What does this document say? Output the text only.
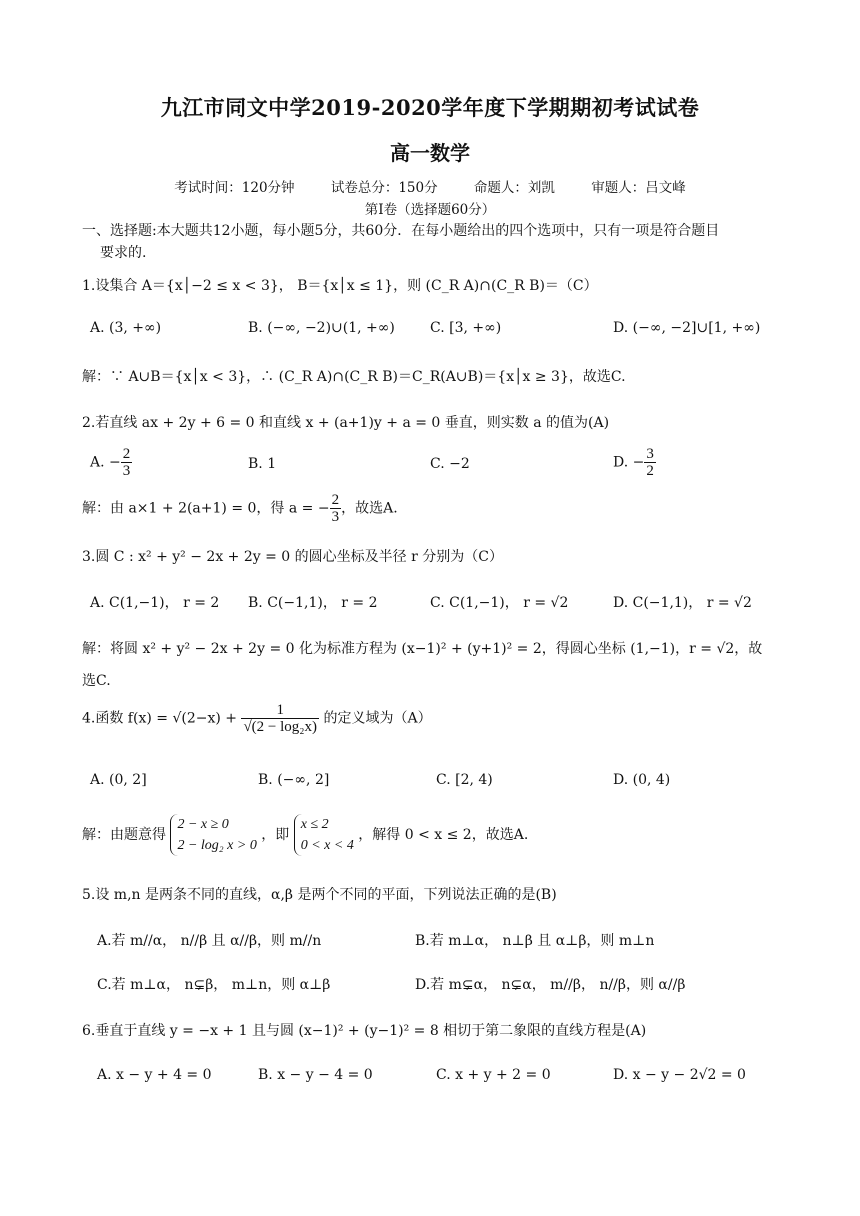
九江市同文中学2019-2020学年度下学期期初考试试卷
高一数学
考试时间：120分钟	试卷总分：150分	命题人：刘凯	审题人：吕文峰
第Ⅰ卷（选择题60分）
一、选择题:本大题共12小题，每小题5分，共60分．在每小题给出的四个选项中，只有一项是符合题目
要求的.
1.设集合 A＝{x│−2 ≤ x < 3}， B＝{x│x ≤ 1}，则 (C_R A)∩(C_R B)＝（C）
A. (3, +∞)	B. (−∞, −2)∪(1, +∞)	C. [3, +∞)	D. (−∞, −2]∪[1, +∞)
解：∵ A∪B＝{x│x < 3}，∴ (C_R A)∩(C_R B)＝C_R(A∪B)＝{x│x ≥ 3}，故选C.
2.若直线 ax + 2y + 6 = 0 和直线 x + (a+1)y + a = 0 垂直，则实数 a 的值为(A)
A. − $\frac{2}{3}$	B. 1	C. −2	D. − $\frac{3}{2}$
解：由 a×1 + 2(a+1) = 0，得 a = − $\frac{2}{3}$ ，故选A.
3.圆 C : x² + y² − 2x + 2y = 0 的圆心坐标及半径 r 分别为（C）
A. C(1,−1)， r = 2 B. C(−1,1)， r = 2	C. C(1,−1)， r = √2	D. C(−1,1)， r = √2
解：将圆 x² + y² − 2x + 2y = 0 化为标准方程为 (x−1)² + (y+1)² = 2，得圆心坐标 (1,−1)，r = √2，故
选C.
4.函数 $f(x) = √(2-x) + \frac{1}{\text{√(2 − log₂x)}}$ 的定义域为（A）
A. (0, 2]	B. (−∞, 2]	C. [2, 4)	D. (0, 4)
解：由题意得
2 − x ≥ 0
2 − log₂ x > 0
，即
x ≤ 2
0 < x < 4
，解得 0 < x ≤ 2，故选A.
5.设 m,n 是两条不同的直线，α,β 是两个不同的平面，下列说法正确的是(B)
A.若 m//α， n//β 且 α//β，则 m//n	B.若 m⊥α， n⊥β 且 α⊥β，则 m⊥n
C.若 m⊥α， n⊊β， m⊥n，则 α⊥β	D.若 m⊊α， n⊊α， m//β， n//β，则 α//β
6.垂直于直线 y = −x + 1 且与圆 (x−1)² + (y−1)² = 8 相切于第二象限的直线方程是(A)
A. x − y + 4 = 0	B. x − y − 4 = 0	C. x + y + 2 = 0	D. x − y − 2√2 = 0
